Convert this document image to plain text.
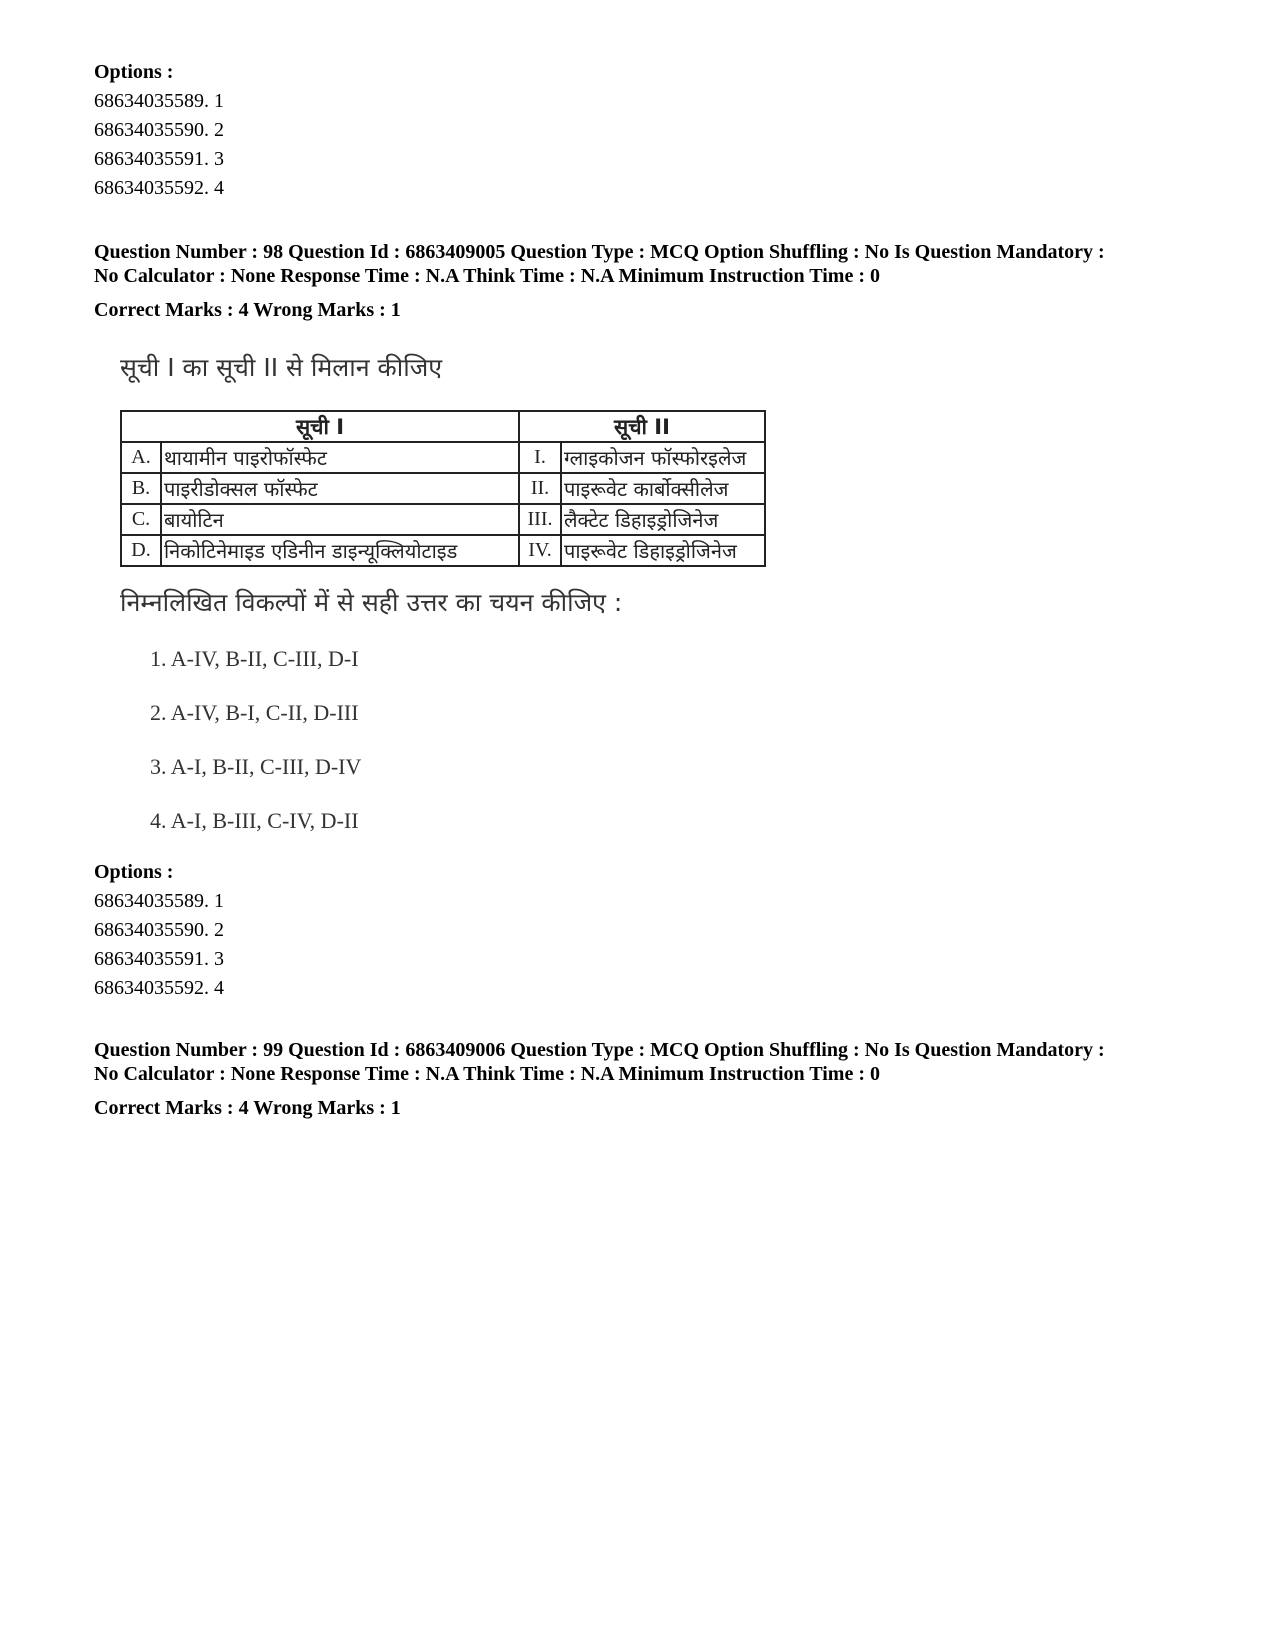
Options :
68634035589. 1
68634035590. 2
68634035591. 3
68634035592. 4
Question Number : 98 Question Id : 6863409005 Question Type : MCQ Option Shuffling : No Is Question Mandatory :
No Calculator : None Response Time : N.A Think Time : N.A Minimum Instruction Time : 0
Correct Marks : 4 Wrong Marks : 1
सूची I का सूची II से मिलान कीजिए
सूची I		सूची II	
A.	थायामीन पाइरोफॉस्फेट	I.	ग्लाइकोजन फॉस्फोरइलेज
B.	पाइरीडोक्सल फॉस्फेट	II.	पाइरूवेट कार्बोक्सीलेज
C.	बायोटिन	III.	लैक्टेट डिहाइड्रोजिनेज
D.	निकोटिनेमाइड एडिनीन डाइन्यूक्लियोटाइड	IV.	पाइरूवेट डिहाइड्रोजिनेज
निम्नलिखित विकल्पों में से सही उत्तर का चयन कीजिए :
1. A-IV, B-II, C-III, D-I
2. A-IV, B-I, C-II, D-III
3. A-I, B-II, C-III, D-IV
4. A-I, B-III, C-IV, D-II
Options :
68634035589. 1
68634035590. 2
68634035591. 3
68634035592. 4
Question Number : 99 Question Id : 6863409006 Question Type : MCQ Option Shuffling : No Is Question Mandatory :
No Calculator : None Response Time : N.A Think Time : N.A Minimum Instruction Time : 0
Correct Marks : 4 Wrong Marks : 1
